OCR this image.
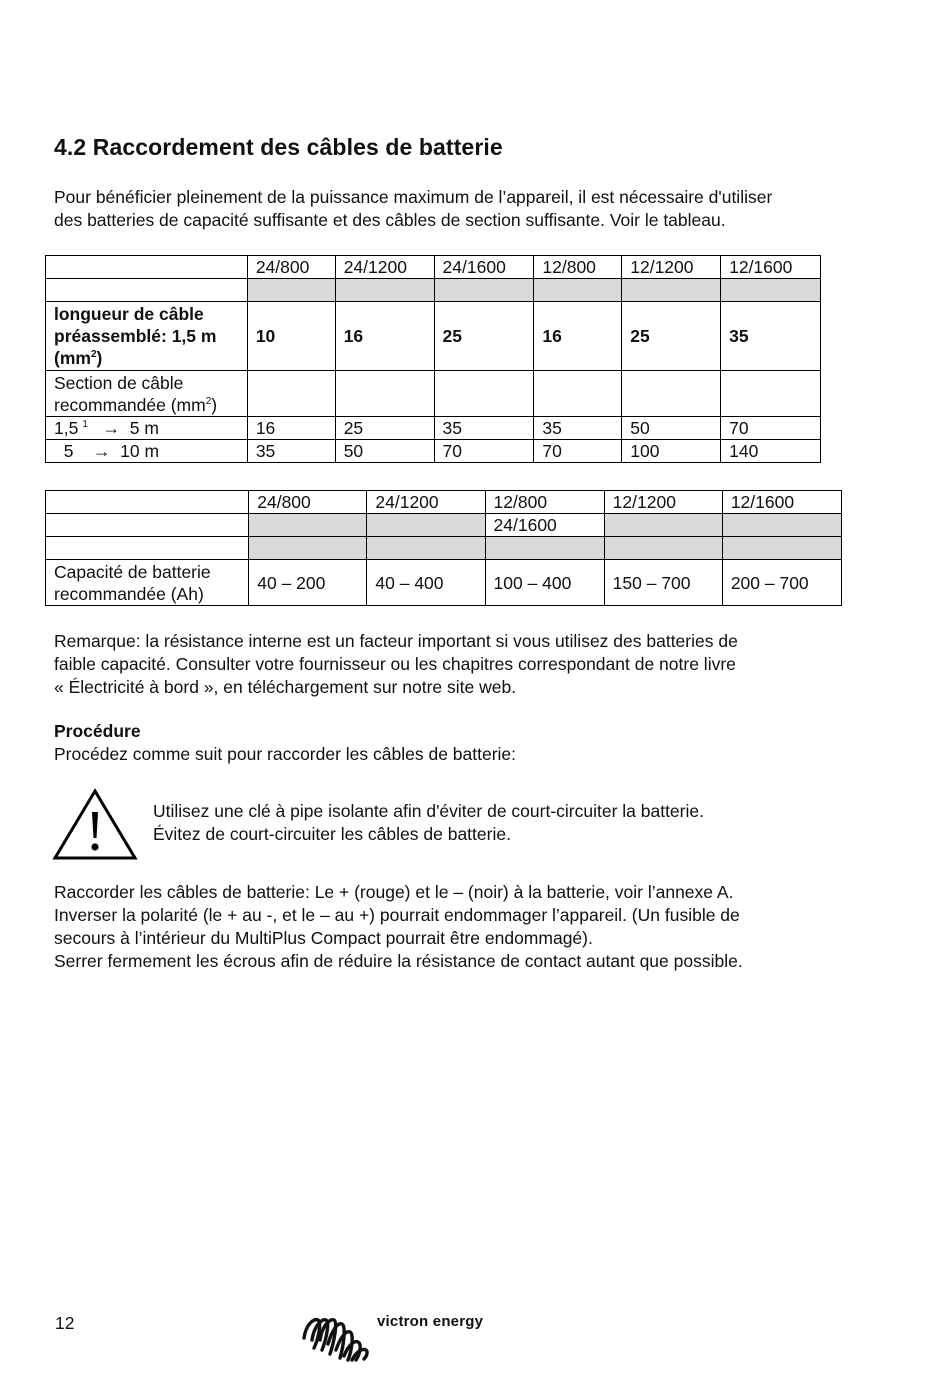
4.2 Raccordement des câbles de batterie
Pour bénéficier pleinement de la puissance maximum de l’appareil, il est nécessaire d'utiliser
des batteries de capacité suffisante et des câbles de section suffisante. Voir le tableau.
	24/800	24/1200	24/1600	12/800	12/1200	12/1600

longueur de câble
préassemblé: 1,5 m
$(mm^2)$	10	16	25	16	25	35

Section de câble
recommandée $(mm^2)$						

1,5 $^1$ → 5 m	16	25	35	35	50	70
5 → 10 m	35	50	70	70	100	140
	24/800	24/1200	12/800	12/1200	12/1600
			24/1600		

Capacité de batterie
recommandée (Ah)	40 – 200	40 – 400	100 – 400	150 – 700	200 – 700
Remarque: la résistance interne est un facteur important si vous utilisez des batteries de
faible capacité. Consulter votre fournisseur ou les chapitres correspondant de notre livre
« Électricité à bord », en téléchargement sur notre site web.
Procédure
Procédez comme suit pour raccorder les câbles de batterie:
Utilisez une clé à pipe isolante afin d'éviter de court-circuiter la batterie.
Évitez de court-circuiter les câbles de batterie.
Raccorder les câbles de batterie: Le + (rouge) et le – (noir) à la batterie, voir l’annexe A.
Inverser la polarité (le + au -, et le – au +) pourrait endommager l’appareil. (Un fusible de
secours à l’intérieur du MultiPlus Compact pourrait être endommagé).
Serrer fermement les écrous afin de réduire la résistance de contact autant que possible.
12	victron energy
